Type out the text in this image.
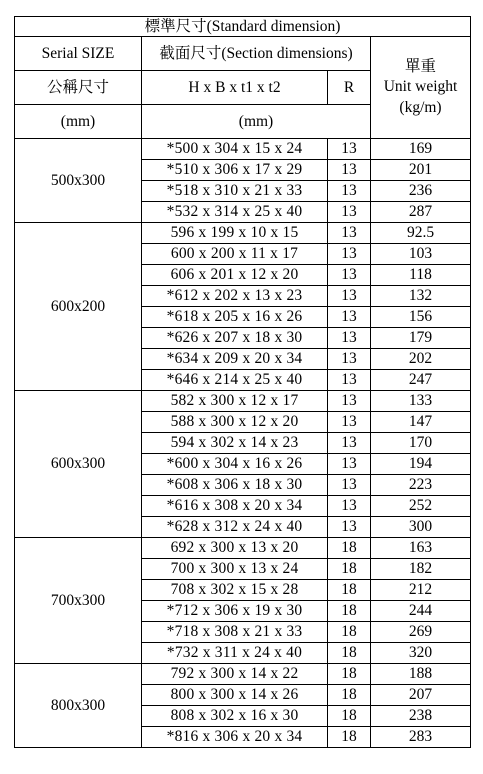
標準尺寸(Standard dimension)			
Serial SIZE	截面尺寸(Section dimensions)		單重
Unit weight
(kg/m)

公稱尺寸	H x B x t1 x t2	R	
(mm)	(mm)		
500x300	*500 x 304 x 15 x 24	13	169
	*510 x 306 x 17 x 29	13	201
	*518 x 310 x 21 x 33	13	236
	*532 x 314 x 25 x 40	13	287
600x200	596 x 199 x 10 x 15	13	92.5
	600 x 200 x 11 x 17	13	103
	606 x 201 x 12 x 20	13	118
	*612 x 202 x 13 x 23	13	132
	*618 x 205 x 16 x 26	13	156
	*626 x 207 x 18 x 30	13	179
	*634 x 209 x 20 x 34	13	202
	*646 x 214 x 25 x 40	13	247
600x300	582 x 300 x 12 x 17	13	133
	588 x 300 x 12 x 20	13	147
	594 x 302 x 14 x 23	13	170
	*600 x 304 x 16 x 26	13	194
	*608 x 306 x 18 x 30	13	223
	*616 x 308 x 20 x 34	13	252
	*628 x 312 x 24 x 40	13	300
700x300	692 x 300 x 13 x 20	18	163
	700 x 300 x 13 x 24	18	182
	708 x 302 x 15 x 28	18	212
	*712 x 306 x 19 x 30	18	244
	*718 x 308 x 21 x 33	18	269
	*732 x 311 x 24 x 40	18	320
800x300	792 x 300 x 14 x 22	18	188
	800 x 300 x 14 x 26	18	207
	808 x 302 x 16 x 30	18	238
	*816 x 306 x 20 x 34	18	283
